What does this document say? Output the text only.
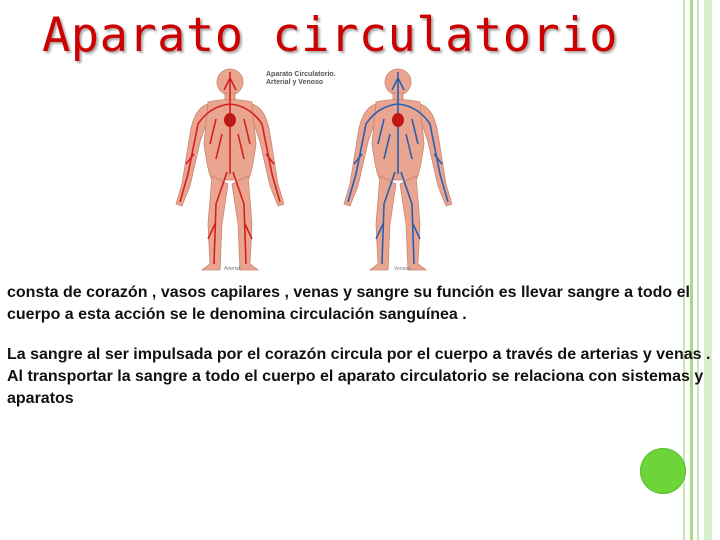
Aparato circulatorio
Aparato Circulatorio.
Arterial y Venoso
Arterial	Venoso

consta de corazón , vasos capilares , venas y sangre su función es llevar sangre a todo el cuerpo a esta acción se le denomina circulación sanguínea .

La sangre al ser impulsada por el corazón circula por el cuerpo a través de arterias y venas . Al transportar la sangre a todo el cuerpo el aparato circulatorio se relaciona con sistemas y aparatos
